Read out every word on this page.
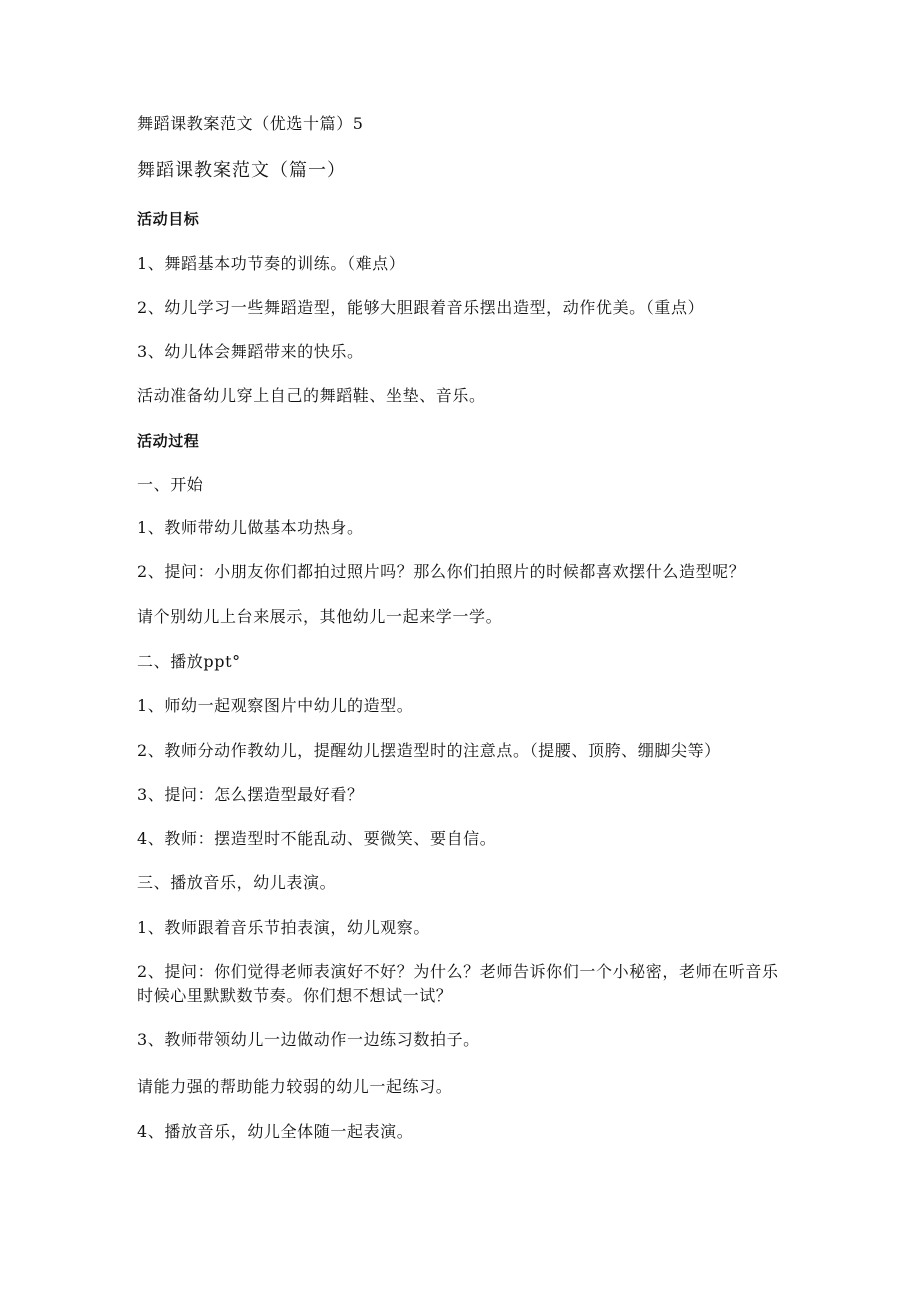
舞蹈课教案范文（优选十篇）5
舞蹈课教案范文（篇一）
活动目标
1、舞蹈基本功节奏的训练。（难点）
2、幼儿学习一些舞蹈造型，能够大胆跟着音乐摆出造型，动作优美。（重点）
3、幼儿体会舞蹈带来的快乐。
活动准备幼儿穿上自己的舞蹈鞋、坐垫、音乐。
活动过程
一、开始
1、教师带幼儿做基本功热身。
2、提问：小朋友你们都拍过照片吗？那么你们拍照片的时候都喜欢摆什么造型呢？
请个别幼儿上台来展示，其他幼儿一起来学一学。
二、播放ppt°
1、师幼一起观察图片中幼儿的造型。
2、教师分动作教幼儿，提醒幼儿摆造型时的注意点。（提腰、顶胯、绷脚尖等）
3、提问：怎么摆造型最好看？
4、教师：摆造型时不能乱动、要微笑、要自信。
三、播放音乐，幼儿表演。
1、教师跟着音乐节拍表演，幼儿观察。
2、提问：你们觉得老师表演好不好？为什么？老师告诉你们一个小秘密，老师在听音乐时候心里默默数节奏。你们想不想试一试？
3、教师带领幼儿一边做动作一边练习数拍子。
请能力强的帮助能力较弱的幼儿一起练习。
4、播放音乐，幼儿全体随一起表演。
